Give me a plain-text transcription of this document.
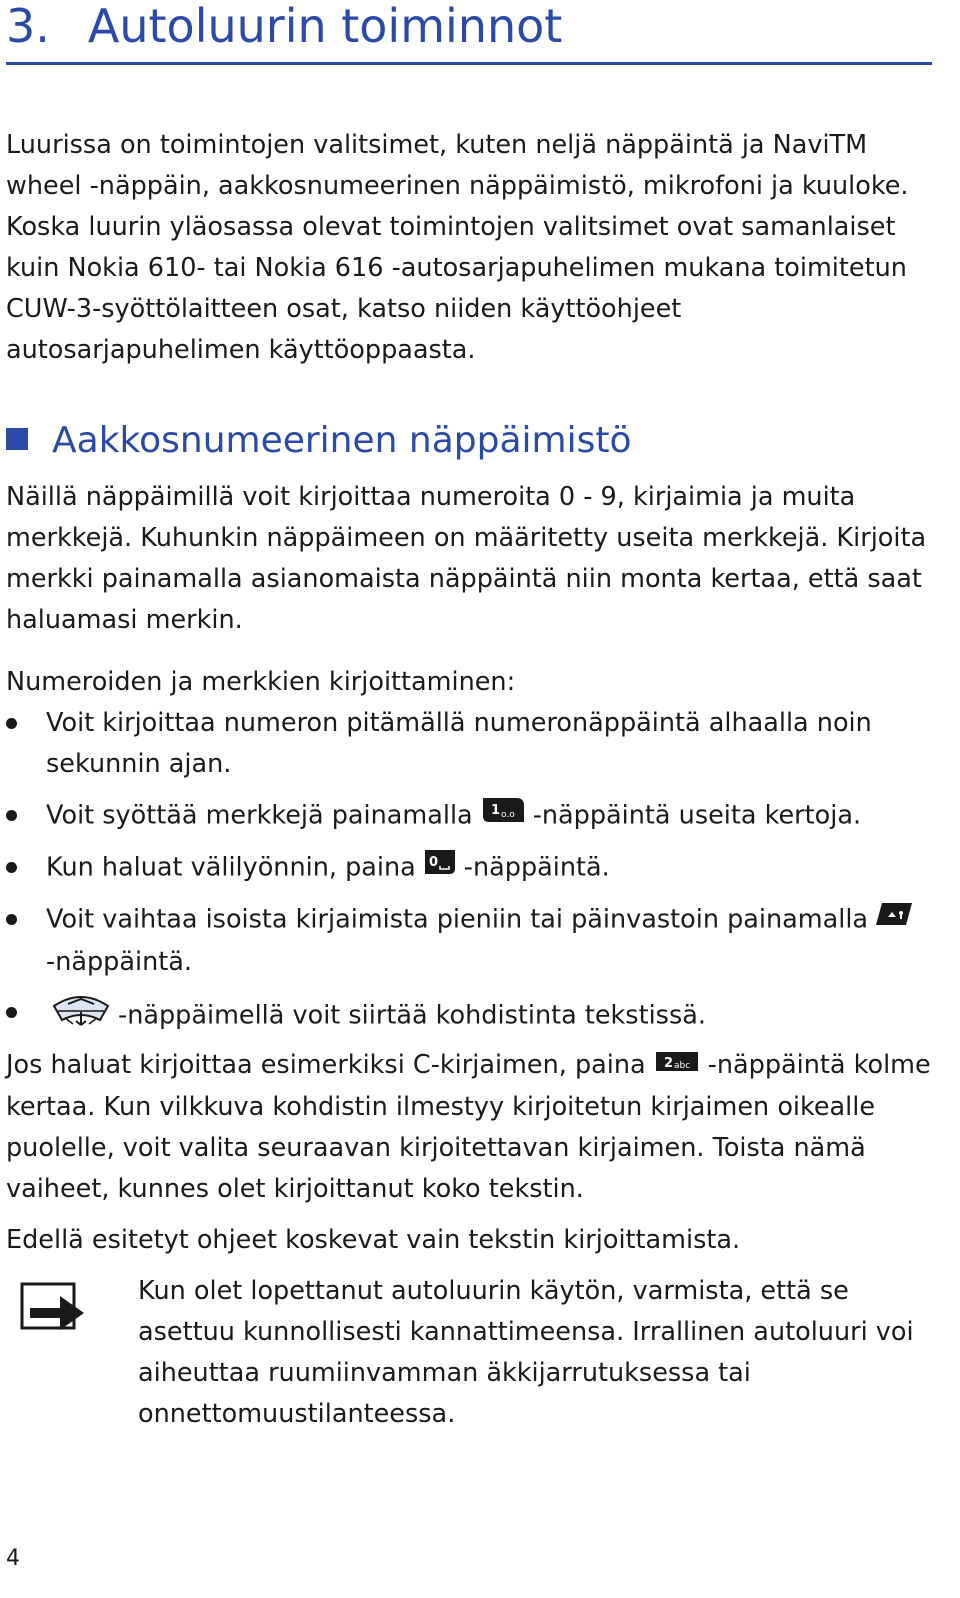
3. Autoluurin toiminnot

Luurissa on toimintojen valitsimet, kuten neljä näppäintä ja NaviTM wheel -näppäin, aakkosnumeerinen näppäimistö, mikrofoni ja kuuloke. Koska luurin yläosassa olevat toimintojen valitsimet ovat samanlaiset kuin Nokia 610- tai Nokia 616 -autosarjapuhelimen mukana toimitetun CUW-3-syöttölaitteen osat, katso niiden käyttöohjeet autosarjapuhelimen käyttöoppaasta.

Aakkosnumeerinen näppäimistö

Näillä näppäimillä voit kirjoittaa numeroita 0 - 9, kirjaimia ja muita merkkejä. Kuhunkin näppäimeen on määritetty useita merkkejä. Kirjoita merkki painamalla asianomaista näppäintä niin monta kertaa, että saat haluamasi merkin.

Numeroiden ja merkkien kirjoittaminen:

Voit kirjoittaa numeron pitämällä numeronäppäintä alhaalla noin sekunnin ajan.
Voit syöttää merkkejä painamalla 1 o.o -näppäintä useita kertoja.
Kun haluat välilyönnin, paina 0 -näppäintä.
Voit vaihtaa isoista kirjaimista pieniin tai päinvastoin painamalla-näppäintä.
-näppäimellä voit siirtää kohdistinta tekstissä.

Jos haluat kirjoittaa esimerkiksi C-kirjaimen, paina 2 abc -näppäintä kolme kertaa. Kun vilkkuva kohdistin ilmestyy kirjoitetun kirjaimen oikealle puolelle, voit valita seuraavan kirjoitettavan kirjaimen. Toista nämä vaiheet, kunnes olet kirjoittanut koko tekstin.

Edellä esitetyt ohjeet koskevat vain tekstin kirjoittamista.

Kun olet lopettanut autoluurin käytön, varmista, että se asettuu kunnollisesti kannattimeensa. Irrallinen autoluuri voi aiheuttaa ruumiinvamman äkkijarrutuksessa tai onnettomuustilanteessa.

4
